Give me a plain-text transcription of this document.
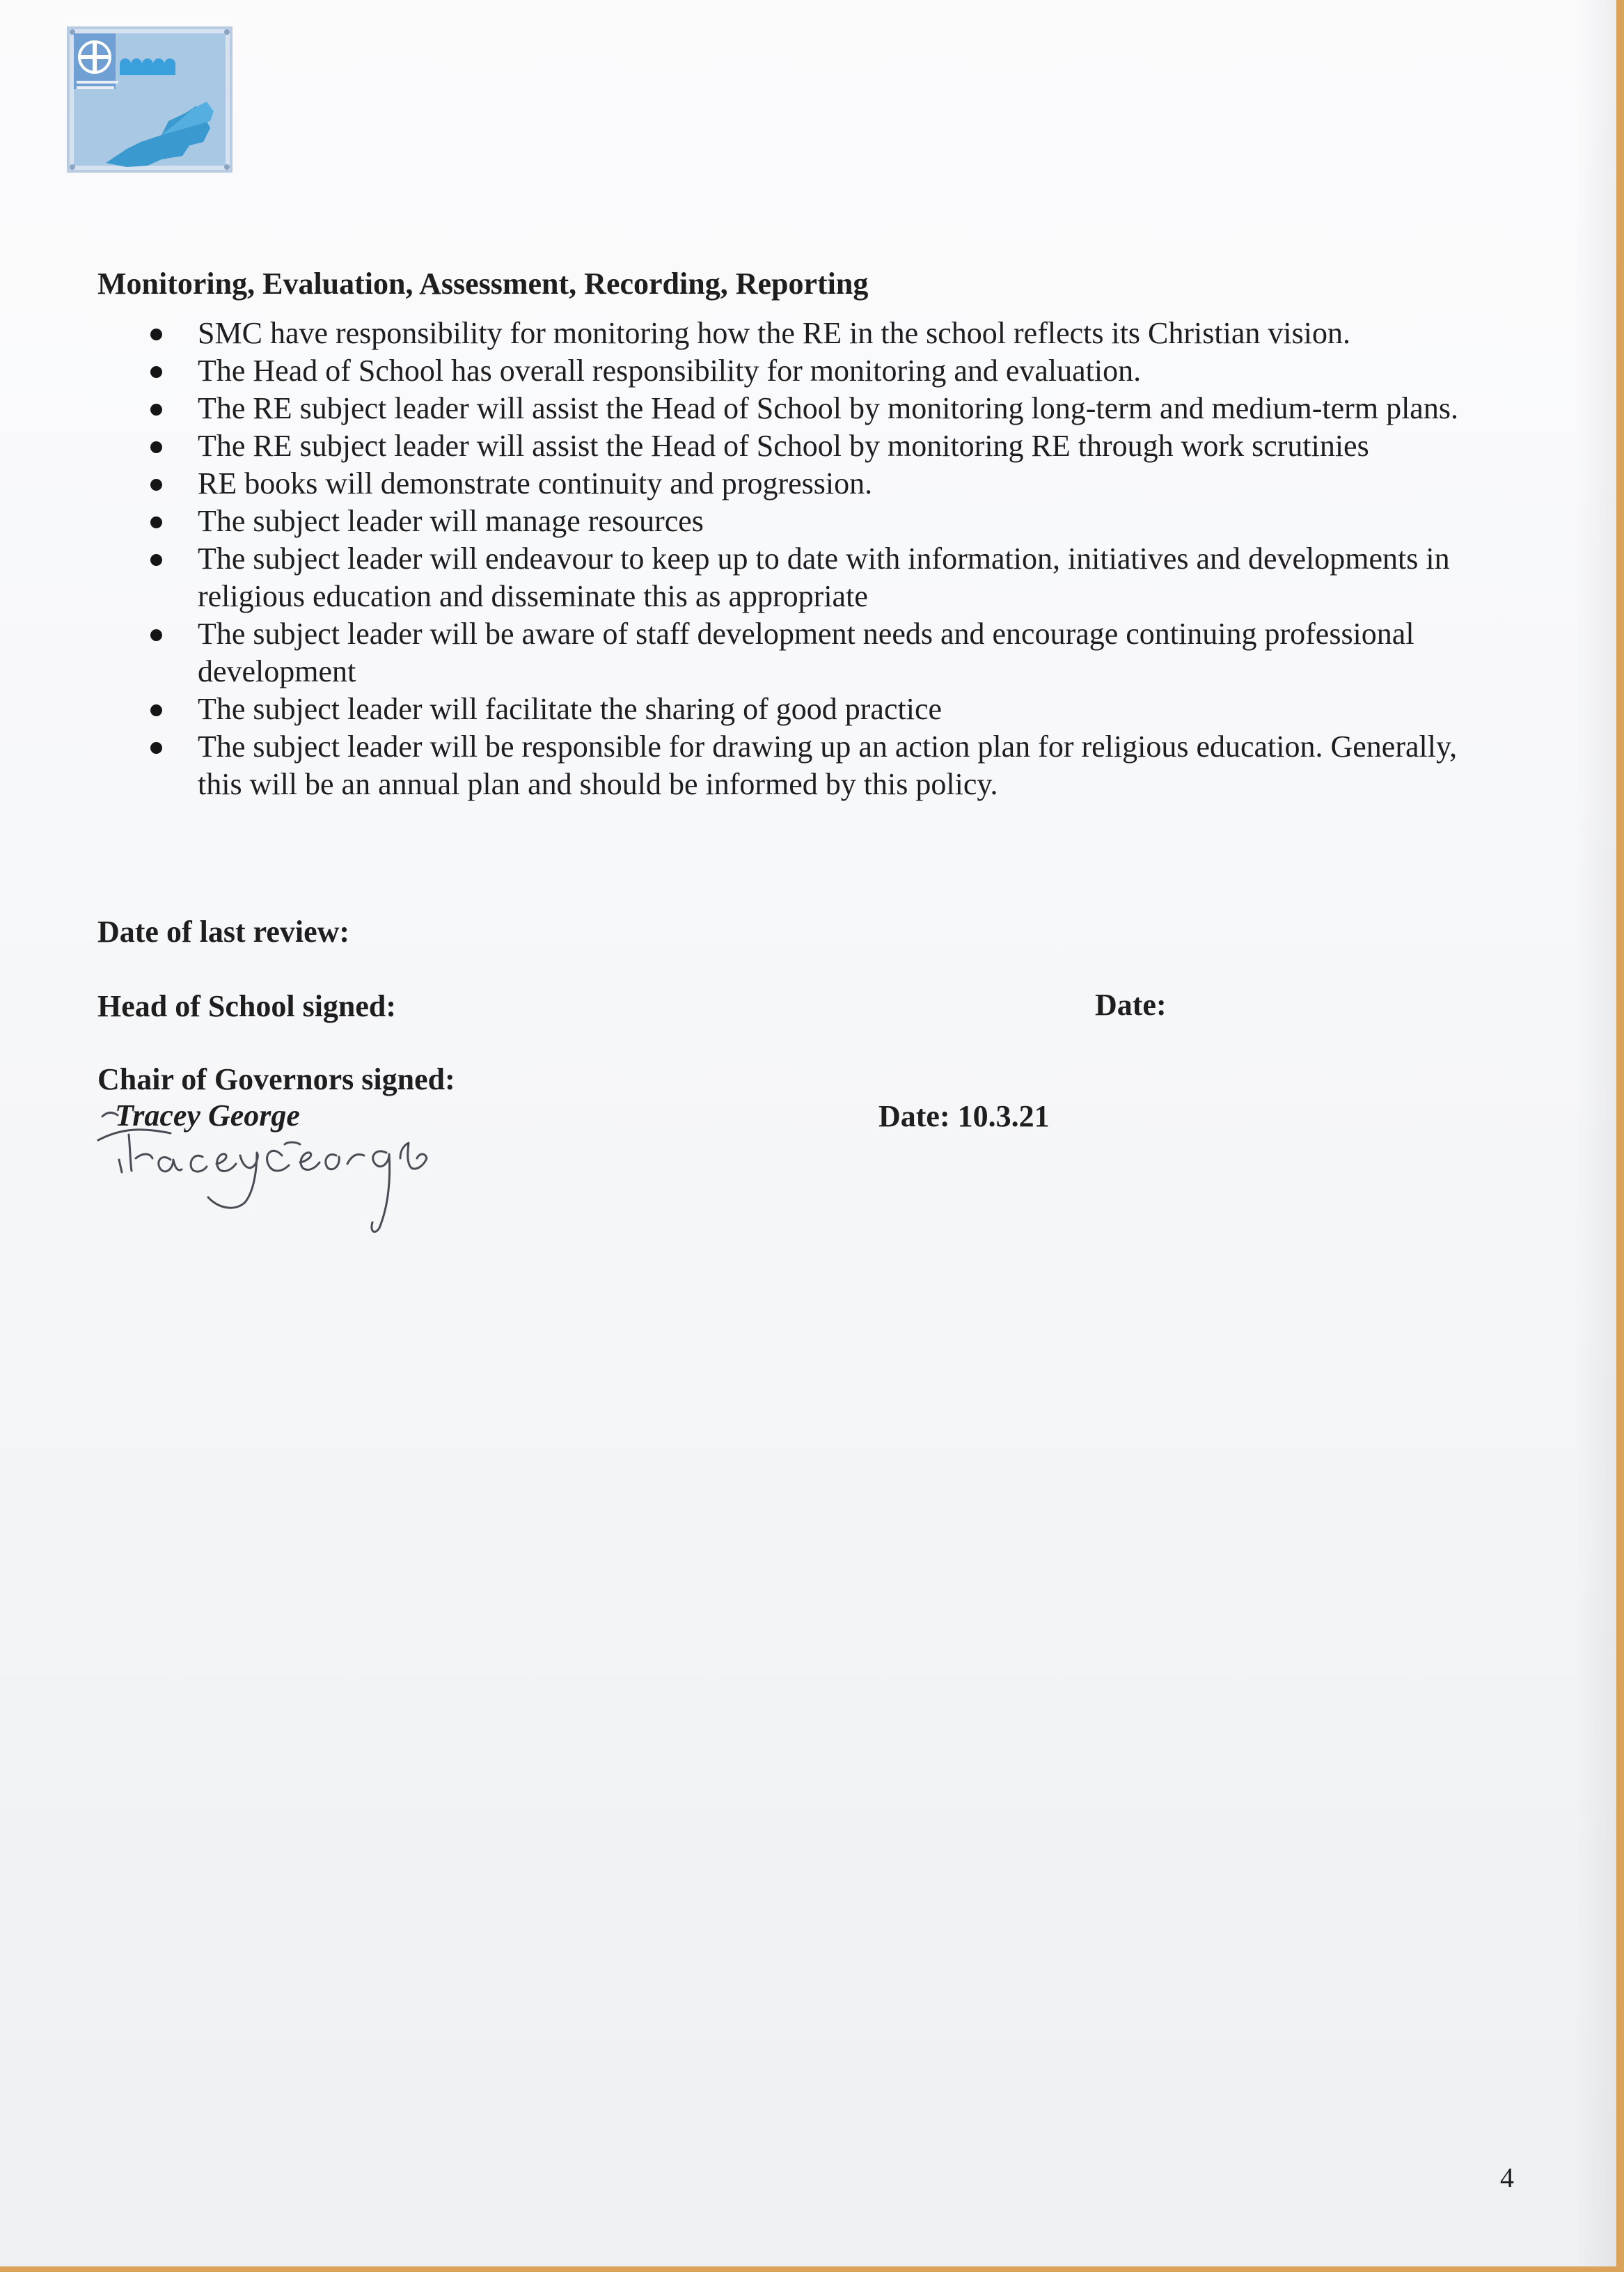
Monitoring, Evaluation, Assessment, Recording, Reporting
SMC have responsibility for monitoring how the RE in the school reflects its Christian vision.
The Head of School has overall responsibility for monitoring and evaluation.
The RE subject leader will assist the Head of School by monitoring long-term and medium-term plans.
The RE subject leader will assist the Head of School by monitoring RE through work scrutinies
RE books will demonstrate continuity and progression.
The subject leader will manage resources
The subject leader will endeavour to keep up to date with information, initiatives and developments in religious education and disseminate this as appropriate
The subject leader will be aware of staff development needs and encourage continuing professional development
The subject leader will facilitate the sharing of good practice
The subject leader will be responsible for drawing up an action plan for religious education. Generally, this will be an annual plan and should be informed by this policy.
Date of last review:
Head of School signed:	Date:
Chair of Governors signed:
Tracey George	Date: 10.3.21
4
